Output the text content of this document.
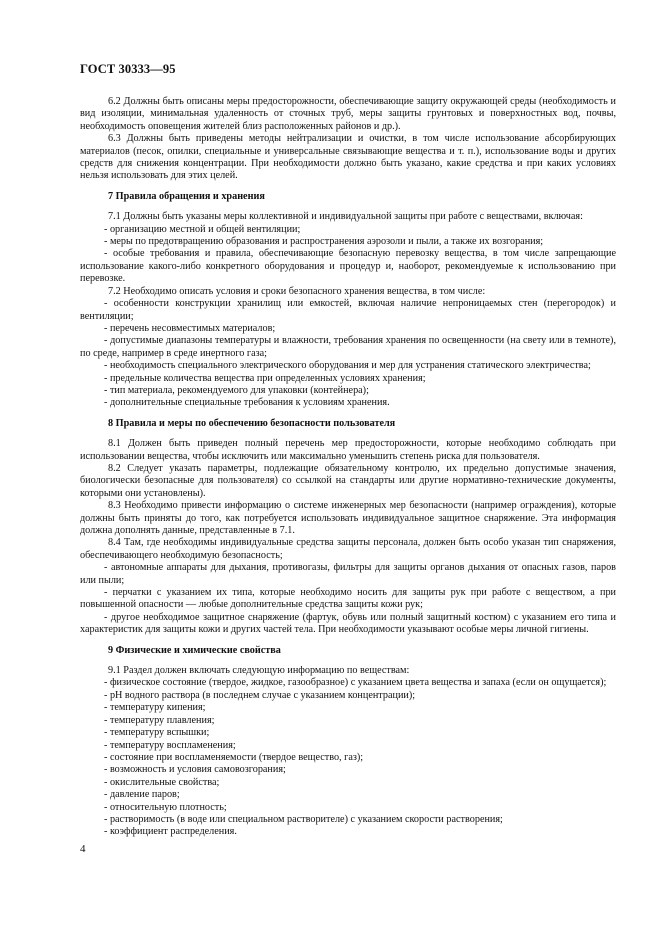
ГОСТ 30333—95

6.2 Должны быть описаны меры предосторожности, обеспечивающие защиту окружающей среды (необходимость и вид изоляции, минимальная удаленность от сточных труб, меры защиты грунтовых и поверхностных вод, почвы, необходимость оповещения жителей близ расположенных районов и др.).

6.3 Должны быть приведены методы нейтрализации и очистки, в том числе использование абсорбирующих материалов (песок, опилки, специальные и универсальные связывающие вещества и т. п.), использование воды и других средств для снижения концентрации. При необходимости должно быть указано, какие средства и при каких условиях нельзя использовать для этих целей.

7 Правила обращения и хранения

7.1 Должны быть указаны меры коллективной и индивидуальной защиты при работе с веществами, включая:

- организацию местной и общей вентиляции;

- меры по предотвращению образования и распространения аэрозоли и пыли, а также их возгорания;

- особые требования и правила, обеспечивающие безопасную перевозку вещества, в том числе запрещающие использование какого-либо конкретного оборудования и процедур и, наоборот, рекомендуемые к использованию при перевозке.

7.2 Необходимо описать условия и сроки безопасного хранения вещества, в том числе:

- особенности конструкции хранилищ или емкостей, включая наличие непроницаемых стен (перегородок) и вентиляции;

- перечень несовместимых материалов;

- допустимые диапазоны температуры и влажности, требования хранения по освещенности (на свету или в темноте), по среде, например в среде инертного газа;

- необходимость специального электрического оборудования и мер для устранения статического электричества;

- предельные количества вещества при определенных условиях хранения;

- тип материала, рекомендуемого для упаковки (контейнера);

- дополнительные специальные требования к условиям хранения.

8 Правила и меры по обеспечению безопасности пользователя

8.1 Должен быть приведен полный перечень мер предосторожности, которые необходимо соблюдать при использовании вещества, чтобы исключить или максимально уменьшить степень риска для пользователя.

8.2 Следует указать параметры, подлежащие обязательному контролю, их предельно допустимые значения, биологически безопасные для пользователя) со ссылкой на стандарты или другие нормативно-технические документы, которыми они установлены).

8.3 Необходимо привести информацию о системе инженерных мер безопасности (например ограждения), которые должны быть приняты до того, как потребуется использовать индивидуальное защитное снаряжение. Эта информация должна дополнять данные, представленные в 7.1.

8.4 Там, где необходимы индивидуальные средства защиты персонала, должен быть особо указан тип снаряжения, обеспечивающего необходимую безопасность;

- автономные аппараты для дыхания, противогазы, фильтры для защиты органов дыхания от опасных газов, паров или пыли;

- перчатки с указанием их типа, которые необходимо носить для защиты рук при работе с веществом, а при повышенной опасности — любые дополнительные средства защиты кожи рук;

- другое необходимое защитное снаряжение (фартук, обувь или полный защитный костюм) с указанием его типа и характеристик для защиты кожи и других частей тела. При необходимости указывают особые меры личной гигиены.

9 Физические и химические свойства

9.1 Раздел должен включать следующую информацию по веществам:

- физическое состояние (твердое, жидкое, газообразное) с указанием цвета вещества и запаха (если он ощущается);

- pH водного раствора (в последнем случае с указанием концентрации);

- температуру кипения;

- температуру плавления;

- температуру вспышки;

- температуру воспламенения;

- состояние при воспламеняемости (твердое вещество, газ);

- возможность и условия самовозгорания;

- окислительные свойства;

- давление паров;

- относительную плотность;

- растворимость (в воде или специальном растворителе) с указанием скорости растворения;

- коэффициент распределения.

4
